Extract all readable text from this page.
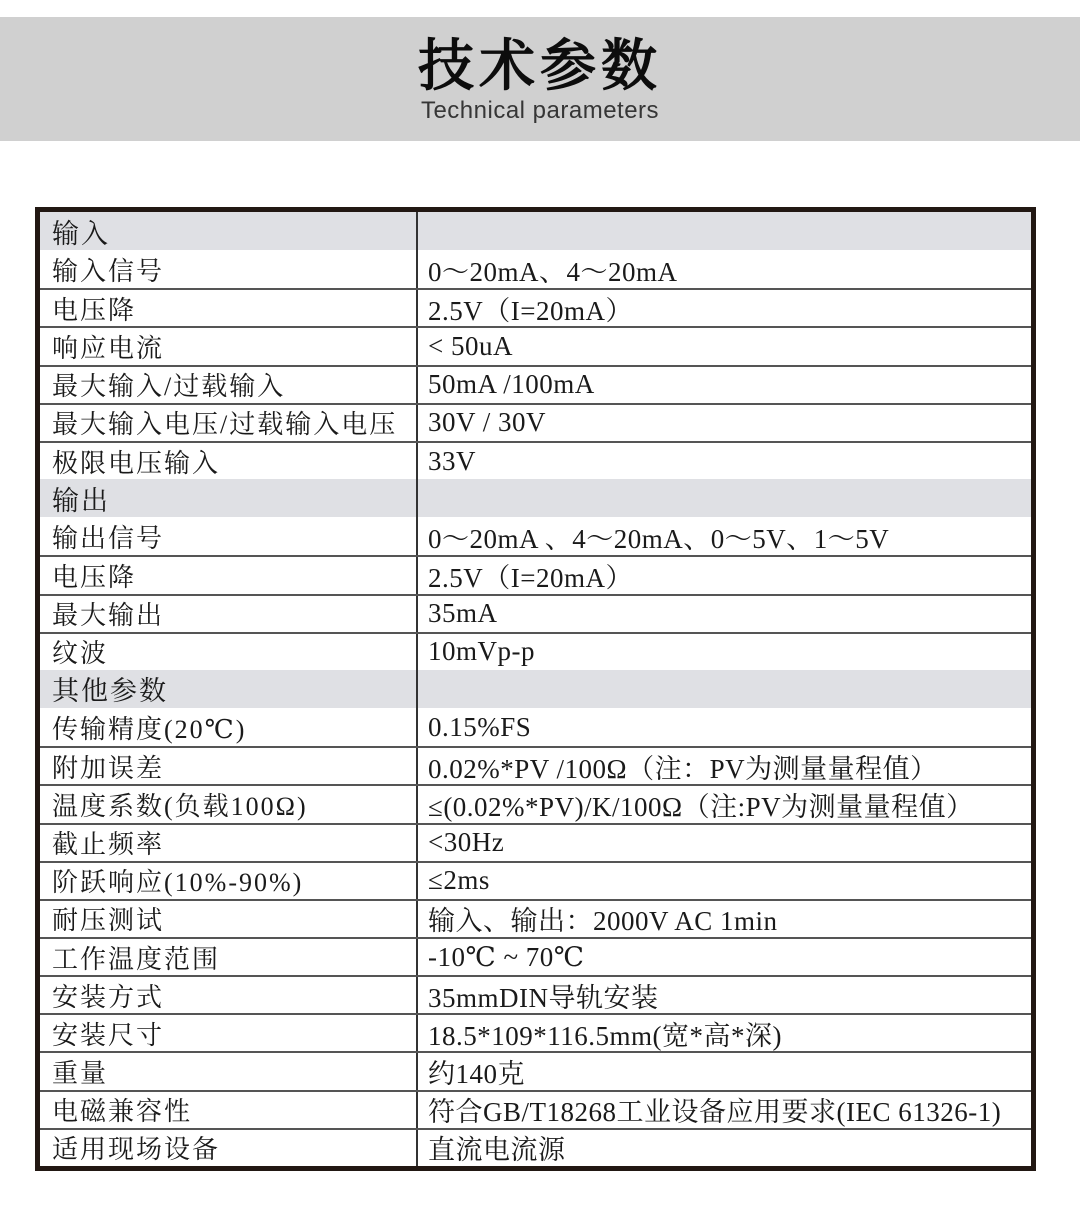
技术参数
Technical parameters
输入
输入信号	0～20mA、4～20mA
电压降	2.5V（I=20mA）
响应电流	< 50uA
最大输入/过载输入	50mA /100mA
最大输入电压/过载输入电压	30V / 30V
极限电压输入	33V
输出
输出信号	0～20mA 、4～20mA、0～5V、1～5V
电压降	2.5V（I=20mA）
最大输出	35mA
纹波	10mVp-p
其他参数
传输精度(20℃)	0.15%FS
附加误差	0.02%*PV /100Ω（注：PV为测量量程值）
温度系数(负载100Ω)	≤(0.02%*PV)/K/100Ω（注:PV为测量量程值）
截止频率	<30Hz
阶跃响应(10%-90%)	≤2ms
耐压测试	输入、输出：2000V AC 1min
工作温度范围	-10℃ ~ 70℃
安装方式	35mmDIN导轨安装
安装尺寸	18.5*109*116.5mm(宽*高*深)
重量	约140克
电磁兼容性	符合GB/T18268工业设备应用要求(IEC 61326-1)
适用现场设备	直流电流源
